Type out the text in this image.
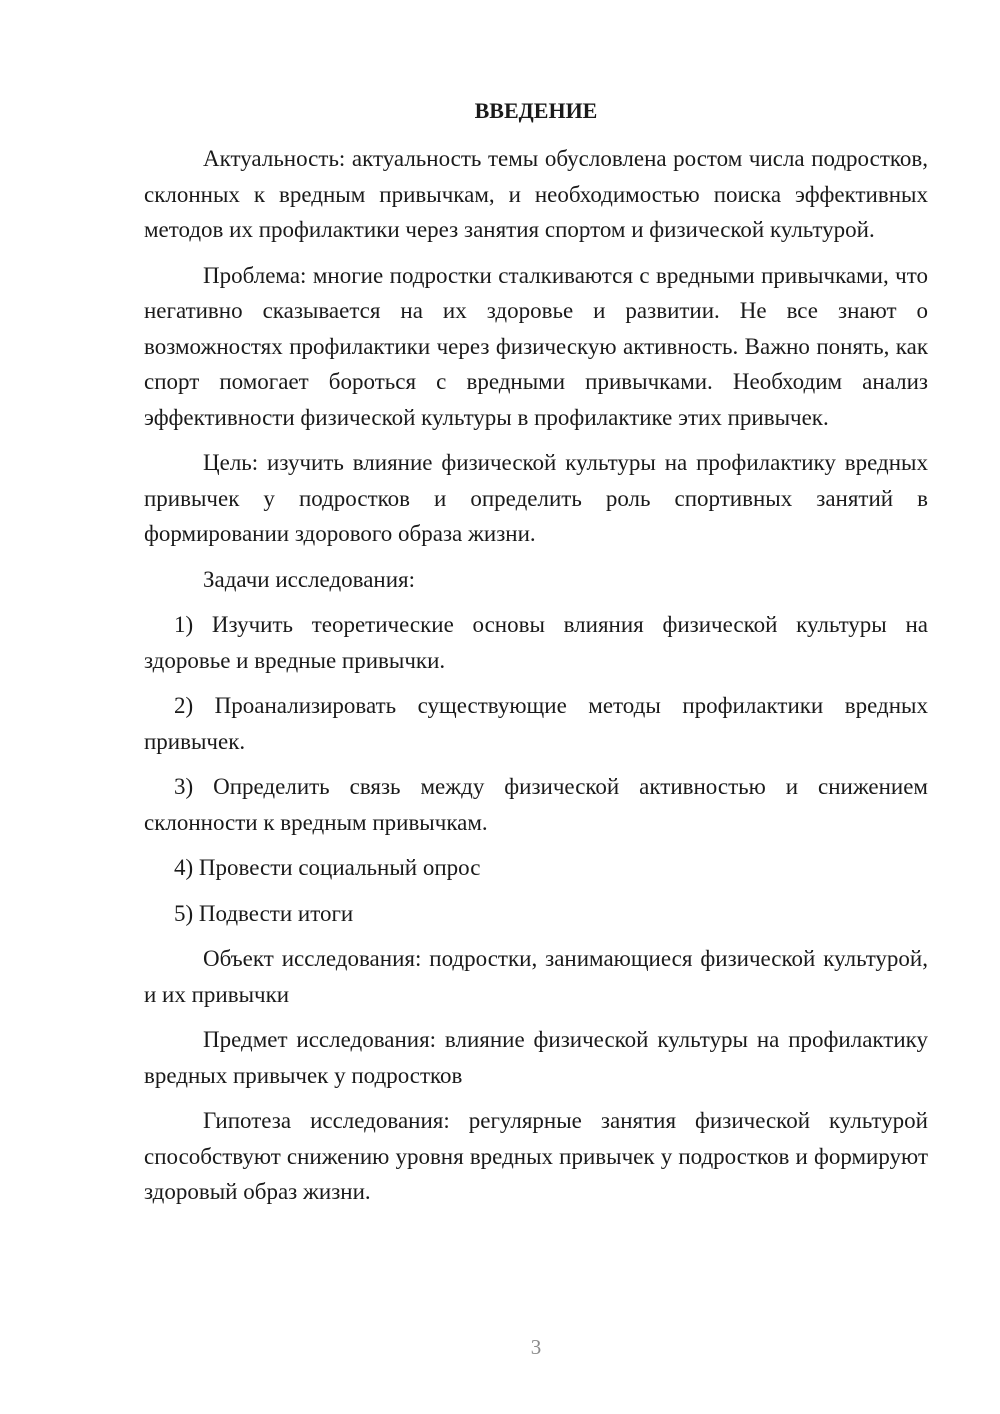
ВВЕДЕНИЕ

Актуальность: актуальность темы обусловлена ростом числа подростков, склонных к вредным привычкам, и необходимостью поиска эффективных методов их профилактики через занятия спортом и физической культурой.

Проблема: многие подростки сталкиваются с вредными привычками, что негативно сказывается на их здоровье и развитии. Не все знают о возможностях профилактики через физическую активность. Важно понять, как спорт помогает бороться с вредными привычками. Необходим анализ эффективности физической культуры в профилактике этих привычек.

Цель: изучить влияние физической культуры на профилактику вредных привычек у подростков и определить роль спортивных занятий в формировании здорового образа жизни.

Задачи исследования:

1) Изучить теоретические основы влияния физической культуры на здоровье и вредные привычки.

2) Проанализировать существующие методы профилактики вредных привычек.

3) Определить связь между физической активностью и снижением склонности к вредным привычкам.

4) Провести социальный опрос

5) Подвести итоги

Объект исследования: подростки, занимающиеся физической культурой, и их привычки

Предмет исследования: влияние физической культуры на профилактику вредных привычек у подростков

Гипотеза исследования: регулярные занятия физической культурой способствуют снижению уровня вредных привычек у подростков и формируют здоровый образ жизни.

3
